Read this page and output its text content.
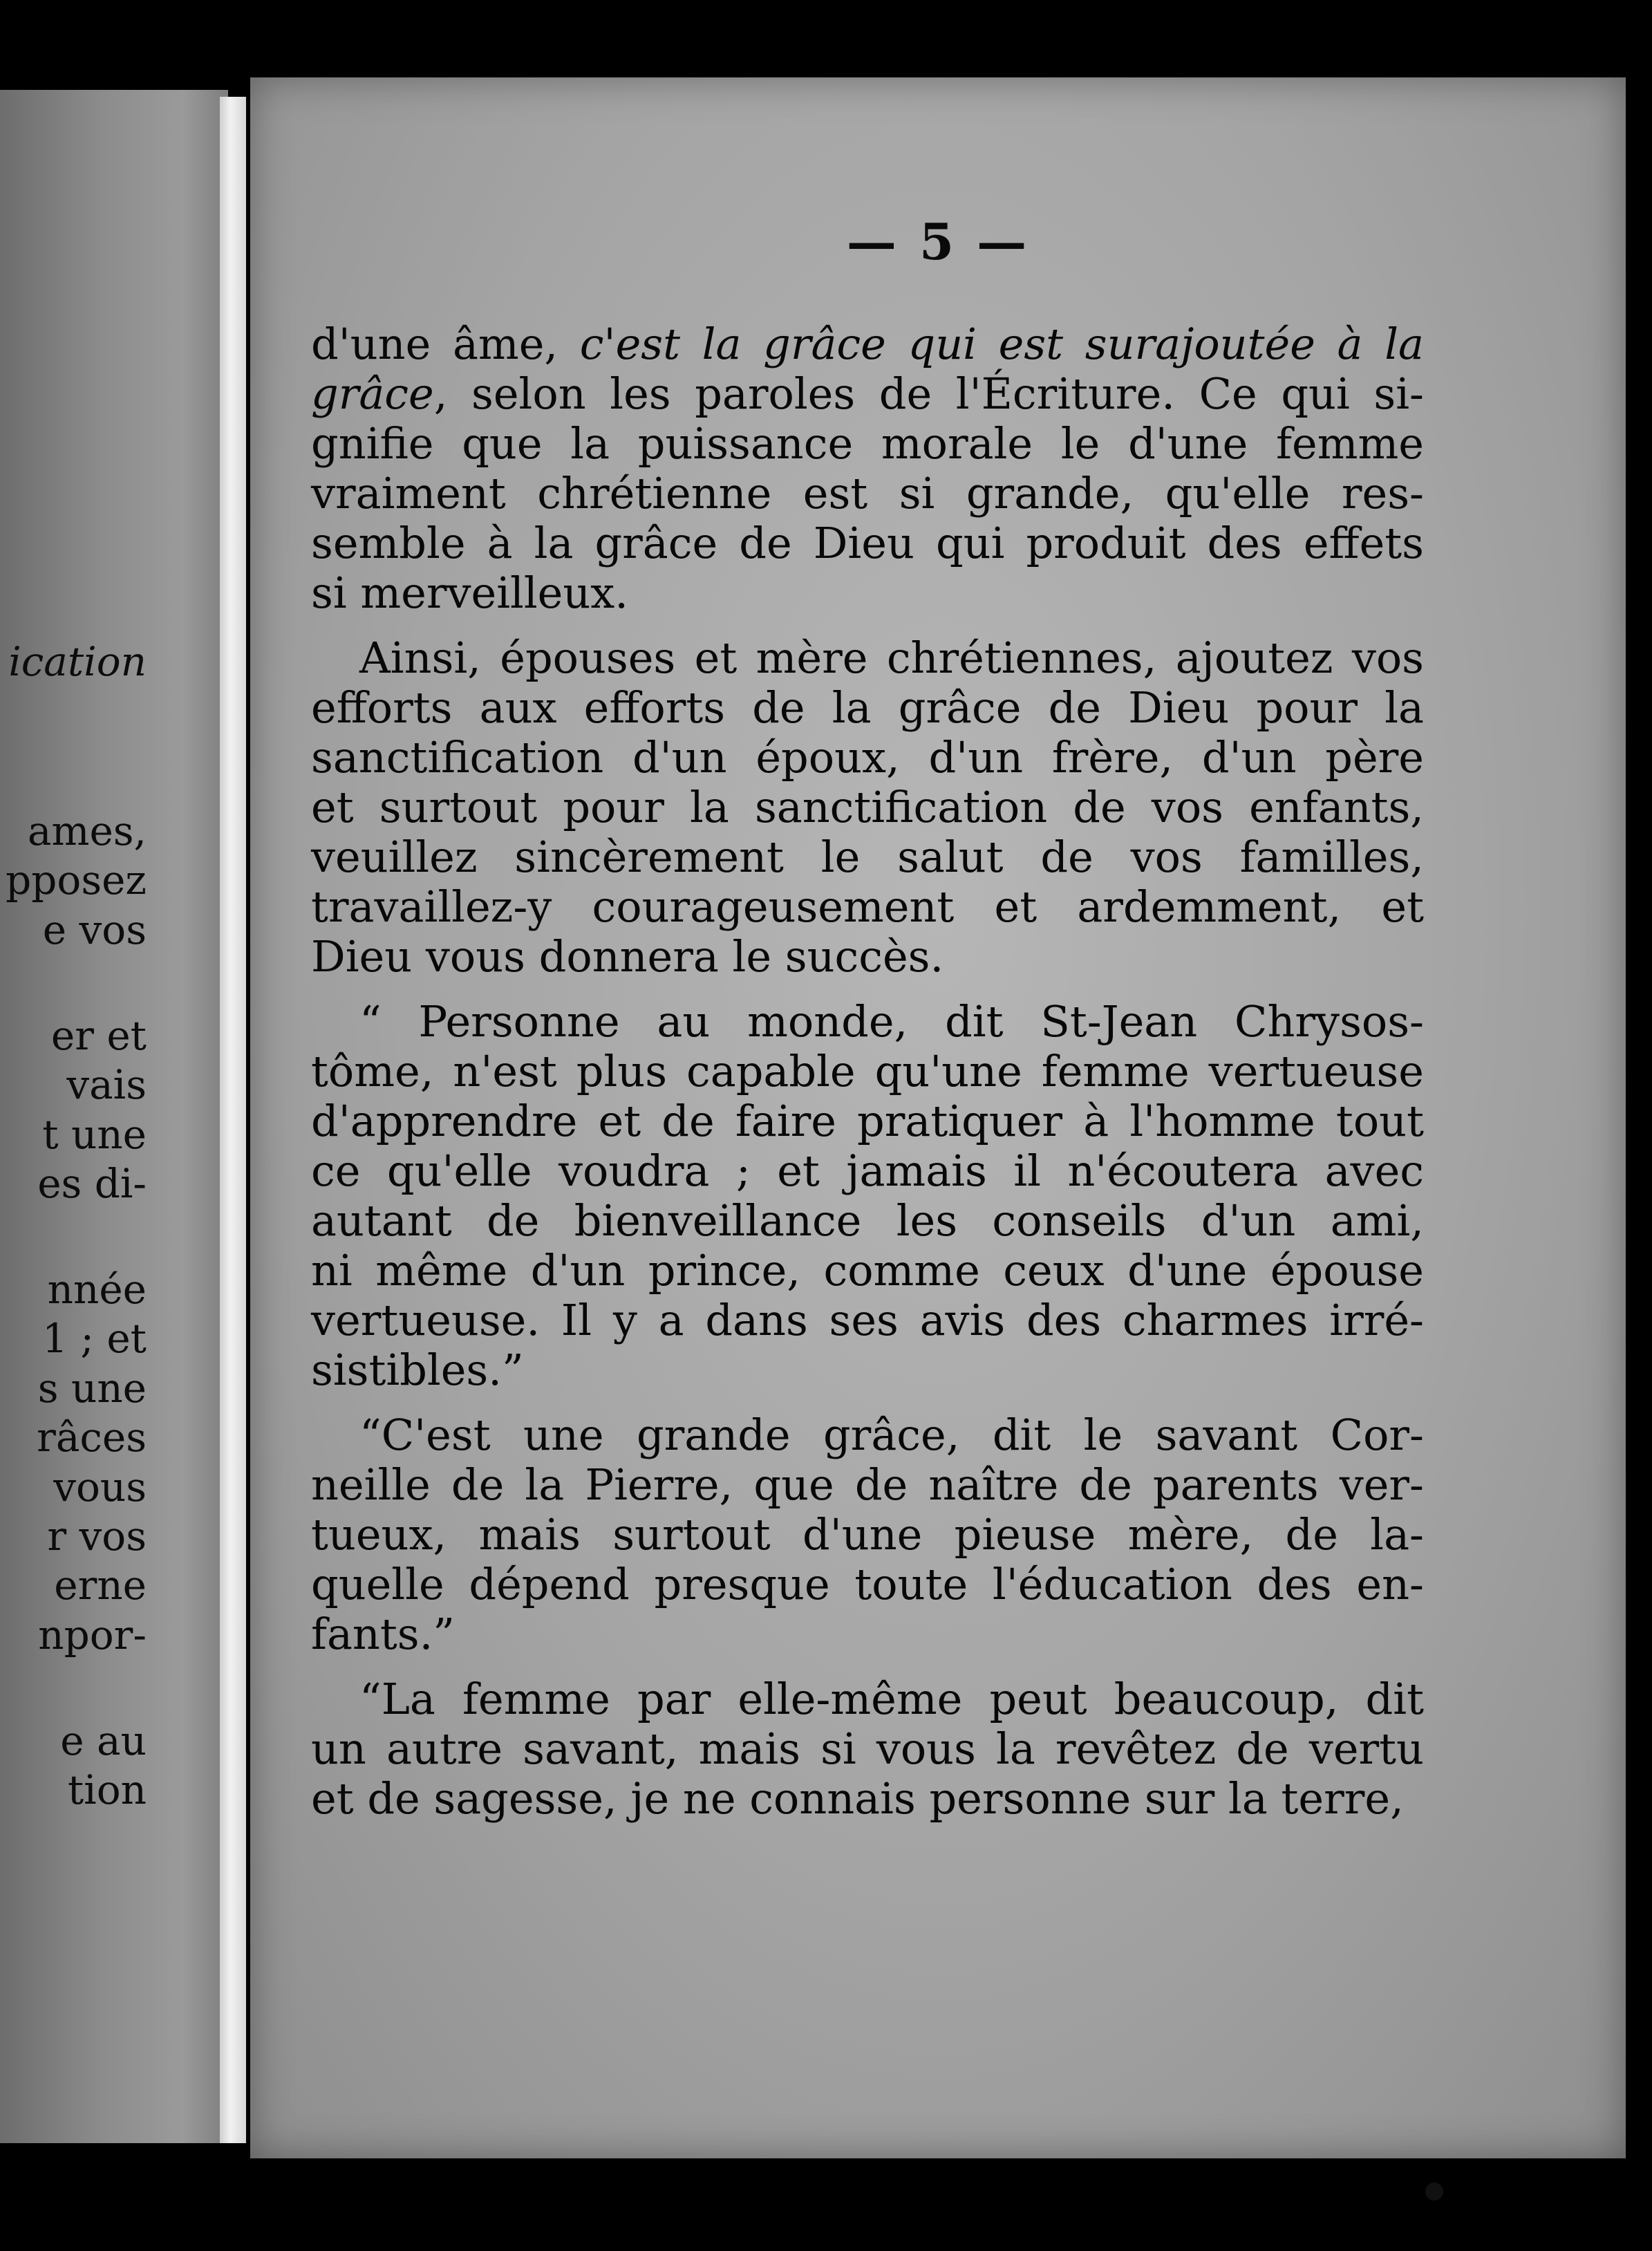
ication
ames,
pposez
e vos
er et
vais
t une
es di-
nnée
1 ; et
s une
râces
vous
r vos
erne
npor-
e au
tion
— 5 —
d'une âme, c'est la grâce qui est surajoutée à la
grâce, selon les paroles de l'Écriture. Ce qui si-
gnifie que la puissance morale le d'une femme
vraiment chrétienne est si grande, qu'elle res-
semble à la grâce de Dieu qui produit des effets
si merveilleux.
Ainsi, épouses et mère chrétiennes, ajoutez vos
efforts aux efforts de la grâce de Dieu pour la
sanctification d'un époux, d'un frère, d'un père
et surtout pour la sanctification de vos enfants,
veuillez sincèrement le salut de vos familles,
travaillez-y courageusement et ardemment, et
Dieu vous donnera le succès.
“ Personne au monde, dit St-Jean Chrysos-
tôme, n'est plus capable qu'une femme vertueuse
d'apprendre et de faire pratiquer à l'homme tout
ce qu'elle voudra ; et jamais il n'écoutera avec
autant de bienveillance les conseils d'un ami,
ni même d'un prince, comme ceux d'une épouse
vertueuse. Il y a dans ses avis des charmes irré-
sistibles.”
“C'est une grande grâce, dit le savant Cor-
neille de la Pierre, que de naître de parents ver-
tueux, mais surtout d'une pieuse mère, de la-
quelle dépend presque toute l'éducation des en-
fants.”
“La femme par elle-même peut beaucoup, dit
un autre savant, mais si vous la revêtez de vertu
et de sagesse, je ne connais personne sur la terre,
